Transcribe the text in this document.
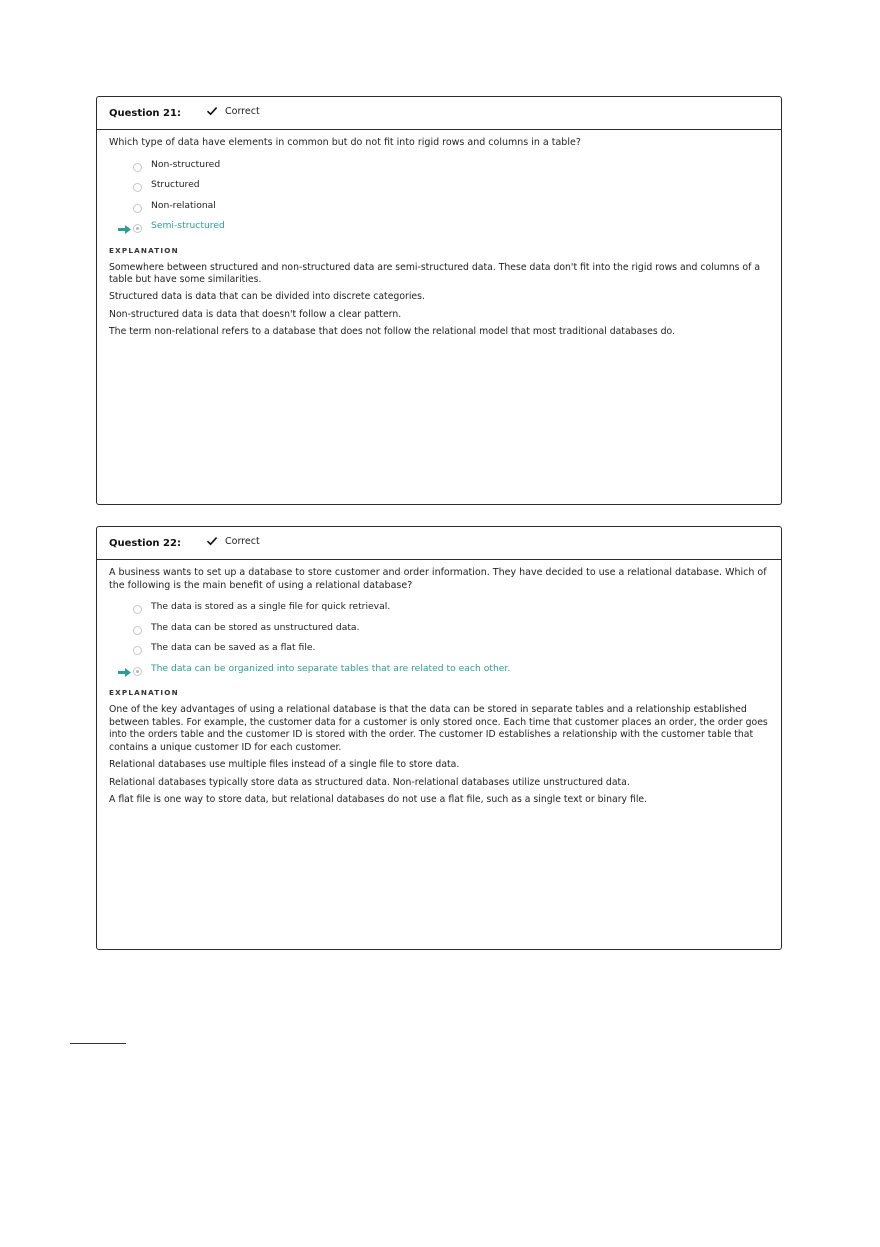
Question 21:	Correct

Which type of data have elements in common but do not fit into rigid rows and columns in a table?

Non-structured
Structured
Non-relational
Semi-structured
EXPLANATION

Somewhere between structured and non-structured data are semi-structured data. These data don't fit into the rigid rows and columns of a table but have some similarities.

Structured data is data that can be divided into discrete categories.

Non-structured data is data that doesn't follow a clear pattern.

The term non-relational refers to a database that does not follow the relational model that most traditional databases do.

Question 22:	Correct

A business wants to set up a database to store customer and order information. They have decided to use a relational database. Which of the following is the main benefit of using a relational database?

The data is stored as a single file for quick retrieval.
The data can be stored as unstructured data.
The data can be saved as a flat file.
The data can be organized into separate tables that are related to each other.
EXPLANATION

One of the key advantages of using a relational database is that the data can be stored in separate tables and a relationship established between tables. For example, the customer data for a customer is only stored once. Each time that customer places an order, the order goes into the orders table and the customer ID is stored with the order. The customer ID establishes a relationship with the customer table that contains a unique customer ID for each customer.

Relational databases use multiple files instead of a single file to store data.

Relational databases typically store data as structured data. Non-relational databases utilize unstructured data.

A flat file is one way to store data, but relational databases do not use a flat file, such as a single text or binary file.
